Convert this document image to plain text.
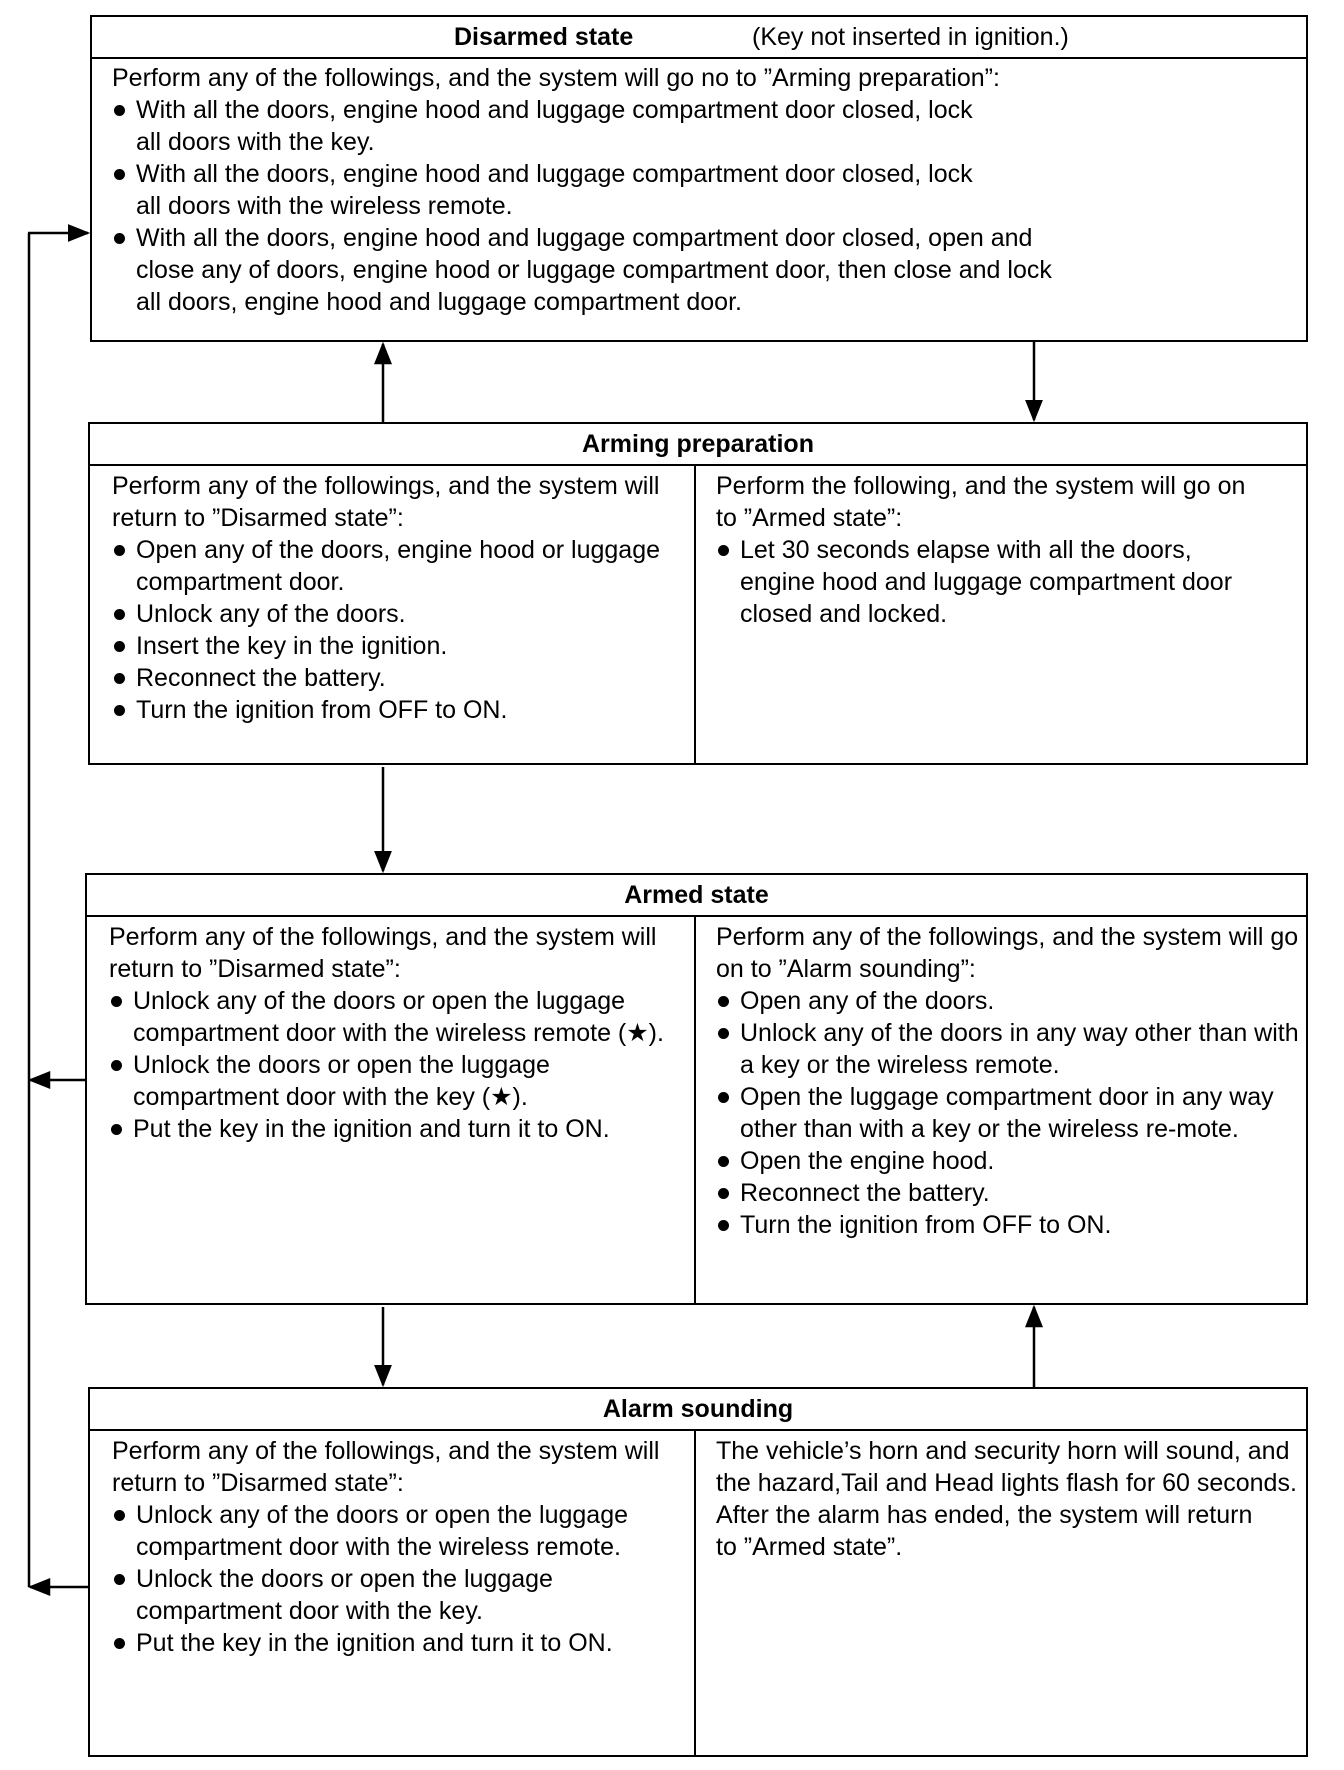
Disarmed state	(Key not inserted in ignition.)
Perform any of the followings, and the system will go no to ”Arming preparation”:
With all the doors, engine hood and luggage compartment door closed, lock all doors with the key.
With all the doors, engine hood and luggage compartment door closed, lock all doors with the wireless remote.
With all the doors, engine hood and luggage compartment door closed, open and close any of doors, engine hood or luggage compartment door, then close and lock all doors, engine hood and luggage compartment door.
Arming preparation
Perform any of the followings, and the system will return to ”Disarmed state”:
Open any of the doors, engine hood or luggage compartment door.
Unlock any of the doors.
Insert the key in the ignition.
Reconnect the battery.
Turn the ignition from OFF to ON.
Perform the following, and the system will go on to ”Armed state”:
Let 30 seconds elapse with all the doors, engine hood and luggage compartment door closed and locked.
Armed state
Perform any of the followings, and the system will return to ”Disarmed state”:
Unlock any of the doors or open the luggage compartment door with the wireless remote (★).
Unlock the doors or open the luggage compartment door with the key (★).
Put the key in the ignition and turn it to ON.
Perform any of the followings, and the system will go on to ”Alarm sounding”:
Open any of the doors.
Unlock any of the doors in any way other than with a key or the wireless remote.
Open the luggage compartment door in any way other than with a key or the wireless re-mote.
Open the engine hood.
Reconnect the battery.
Turn the ignition from OFF to ON.
Alarm sounding
Perform any of the followings, and the system will return to ”Disarmed state”:
Unlock any of the doors or open the luggage compartment door with the wireless remote.
Unlock the doors or open the luggage compartment door with the key.
Put the key in the ignition and turn it to ON.
The vehicle’s horn and security horn will sound, and the hazard,Tail and Head lights flash for 60 seconds.
After the alarm has ended, the system will return to ”Armed state”.
